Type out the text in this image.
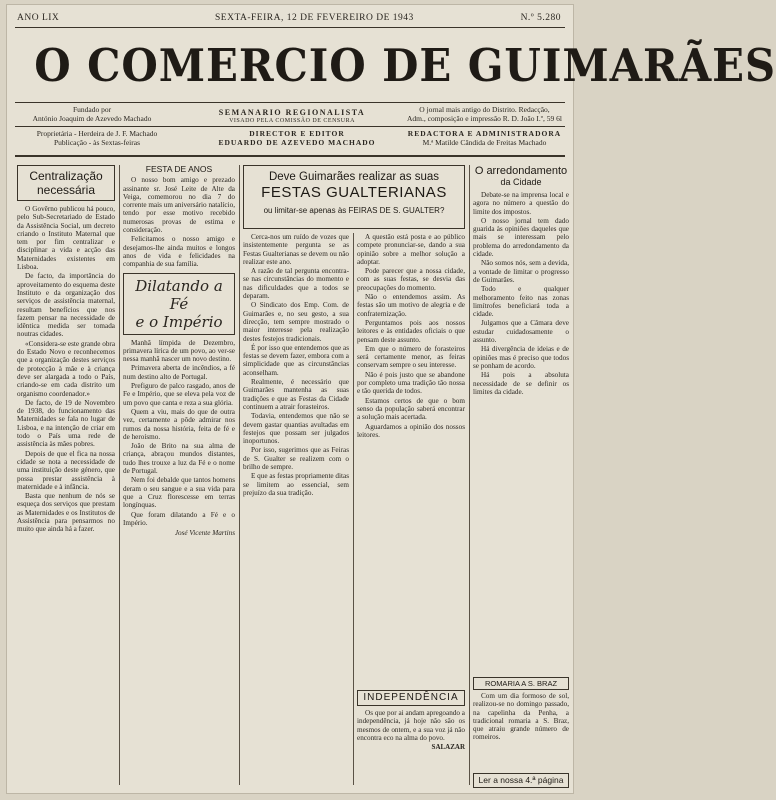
ANO LIX	SEXTA-FEIRA, 12 DE FEVEREIRO DE 1943	N.º 5.280
O COMERCIO DE GUIMARÃES
Fundado por
António Joaquim de Azevedo Machado
SEMANARIO REGIONALISTA
VISADO PELA COMISSÃO DE CENSURA
O jornal mais antigo do Distrito. Redacção,
Adm., composição e impressão R. D. João I.º, 59 6l
Proprietária - Herdeira de J. F. Machado
Publicação - às Sextas-feiras
DIRECTOR E EDITOR
EDUARDO DE AZEVEDO MACHADO
REDACTORA E ADMINISTRADORA
M.ª Matilde Cândida de Freitas Machado
Centralização
necessária

O Govêrno publicou há pouco, pelo Sub-Secretariado de Estado da Assistência Social, um decreto criando o Instituto Maternal que tem por fim centralizar e disciplinar a vida e acção das Maternidades existentes em Lisboa.

De facto, da importância do aproveitamento do esquema deste Instituto e da organização dos serviços de assistência maternal, resultam benefícios que nos fazem pensar na necessidade de idêntica medida ser tomada noutras cidades.

«Considera-se este grande obra do Estado Novo e reconhecemos que a organização destes serviços de protecção à mãe e à criança deve ser alargada a todo o País, criando-se em cada distrito um organismo coordenador.»

De facto, de 19 de Novembro de 1938, do funcionamento das Maternidades se fala no lugar de Lisboa, e na intenção de criar em todo o País uma rede de assistência às mães pobres.

Depois de que el fica na nossa cidade se nota a necessidade de uma instituição deste género, que possa prestar assistência à maternidade e à infância.

Basta que nenhum de nós se esqueça dos serviços que prestam as Maternidades e os Institutos de Assistência para pensarmos no muito que ainda há a fazer.

FESTA DE ANOS

O nosso bom amigo e prezado assinante sr. José Leite de Alte da Veiga, comemorou no dia 7 do corrente mais um aniversário natalício, tendo por esse motivo recebido numerosas provas de estima e consideração.

Felicitamos o nosso amigo e desejamos-lhe ainda muitos e longos anos de vida e felicidades na companhia de sua família.

Dilatando a Fé
e o Império

Manhã límpida de Dezembro, primavera lírica de um povo, ao ver-se nessa manhã nascer um novo destino.

Primavera aberta de incêndios, a fé num destino alto de Portugal.

Prefiguro de palco rasgado, anos de Fe e Império, que se eleva pela voz de um povo que canta e reza a sua glória.

Quem a viu, mais do que de outra vez, certamente a pôde admirar nos rumos da nossa história, feita de fé e de heroísmo.

João de Brito na sua alma de criança, abraçou mundos distantes, tudo lhes trouxe a luz da Fé e o nome de Portugal.

Nem foi debalde que tantos homens deram o seu sangue e a sua vida para que a Cruz florescesse em terras longínquas.

Que foram dilatando a Fé e o Império.

José Vicente Martins
Deve Guimarães realizar as suas
FESTAS GUALTERIANAS
ou limitar-se apenas às FEIRAS DE S. GUALTER?

Cerca-nos um ruído de vozes que insistentemente pergunta se as Festas Gualterianas se devem ou não realizar este ano.

A razão de tal pergunta encontra-se nas circunstâncias do momento e nas dificuldades que a todos se deparam.

O Sindicato dos Emp. Com. de Guimarães e, no seu gesto, a sua direcção, tem sempre mostrado o maior interesse pela realização destes festejos tradicionais.

É por isso que entendemos que as festas se devem fazer, embora com a simplicidade que as circunstâncias aconselham.

Realmente, é necessário que Guimarães mantenha as suas tradições e que as Festas da Cidade continuem a atrair forasteiros.

Todavia, entendemos que não se devem gastar quantias avultadas em festejos que possam ser julgados inoportunos.

Por isso, sugerimos que as Feiras de S. Gualter se realizem com o brilho de sempre.

E que as festas propriamente ditas se limitem ao essencial, sem prejuízo da sua tradição.

A questão está posta e ao público compete pronunciar-se, dando a sua opinião sobre a melhor solução a adoptar.

Pode parecer que a nossa cidade, com as suas festas, se desvia das preocupações do momento.

Não o entendemos assim. As festas são um motivo de alegria e de confraternização.

Perguntamos pois aos nossos leitores e às entidades oficiais o que pensam deste assunto.

Em que o número de forasteiros será certamente menor, as feiras conservam sempre o seu interesse.

Não é pois justo que se abandone por completo uma tradição tão nossa e tão querida de todos.

Estamos certos de que o bom senso da população saberá encontrar a solução mais acertada.

Aguardamos a opinião dos nossos leitores.

INDEPENDÊNCIA

Os que por ai andam apregoando a independência, já hoje não são os mesmos de ontem, e a sua voz já não encontra eco na alma do povo.

SALAZAR
O arredondamento
da Cidade

Debate-se na imprensa local e agora no número a questão do limite dos impostos.

O nosso jornal tem dado guarida às opiniões daqueles que mais se interessam pelo problema do arredondamento da cidade.

Não somos nós, sem a devida, a vontade de limitar o progresso de Guimarães.

Todo e qualquer melhoramento feito nas zonas limítrofes beneficiará toda a cidade.

Julgamos que a Câmara deve estudar cuidadosamente o assunto.

Há divergência de ideias e de opiniões mas é preciso que todos se ponham de acordo.

Há pois a absoluta necessidade de se definir os limites da cidade.

ROMARIA A S. BRAZ

Com um dia formoso de sol, realizou-se no domingo passado, na capelinha da Penha, a tradicional romaria a S. Braz, que atraiu grande número de romeiros.

Ler a nossa 4.ª página
